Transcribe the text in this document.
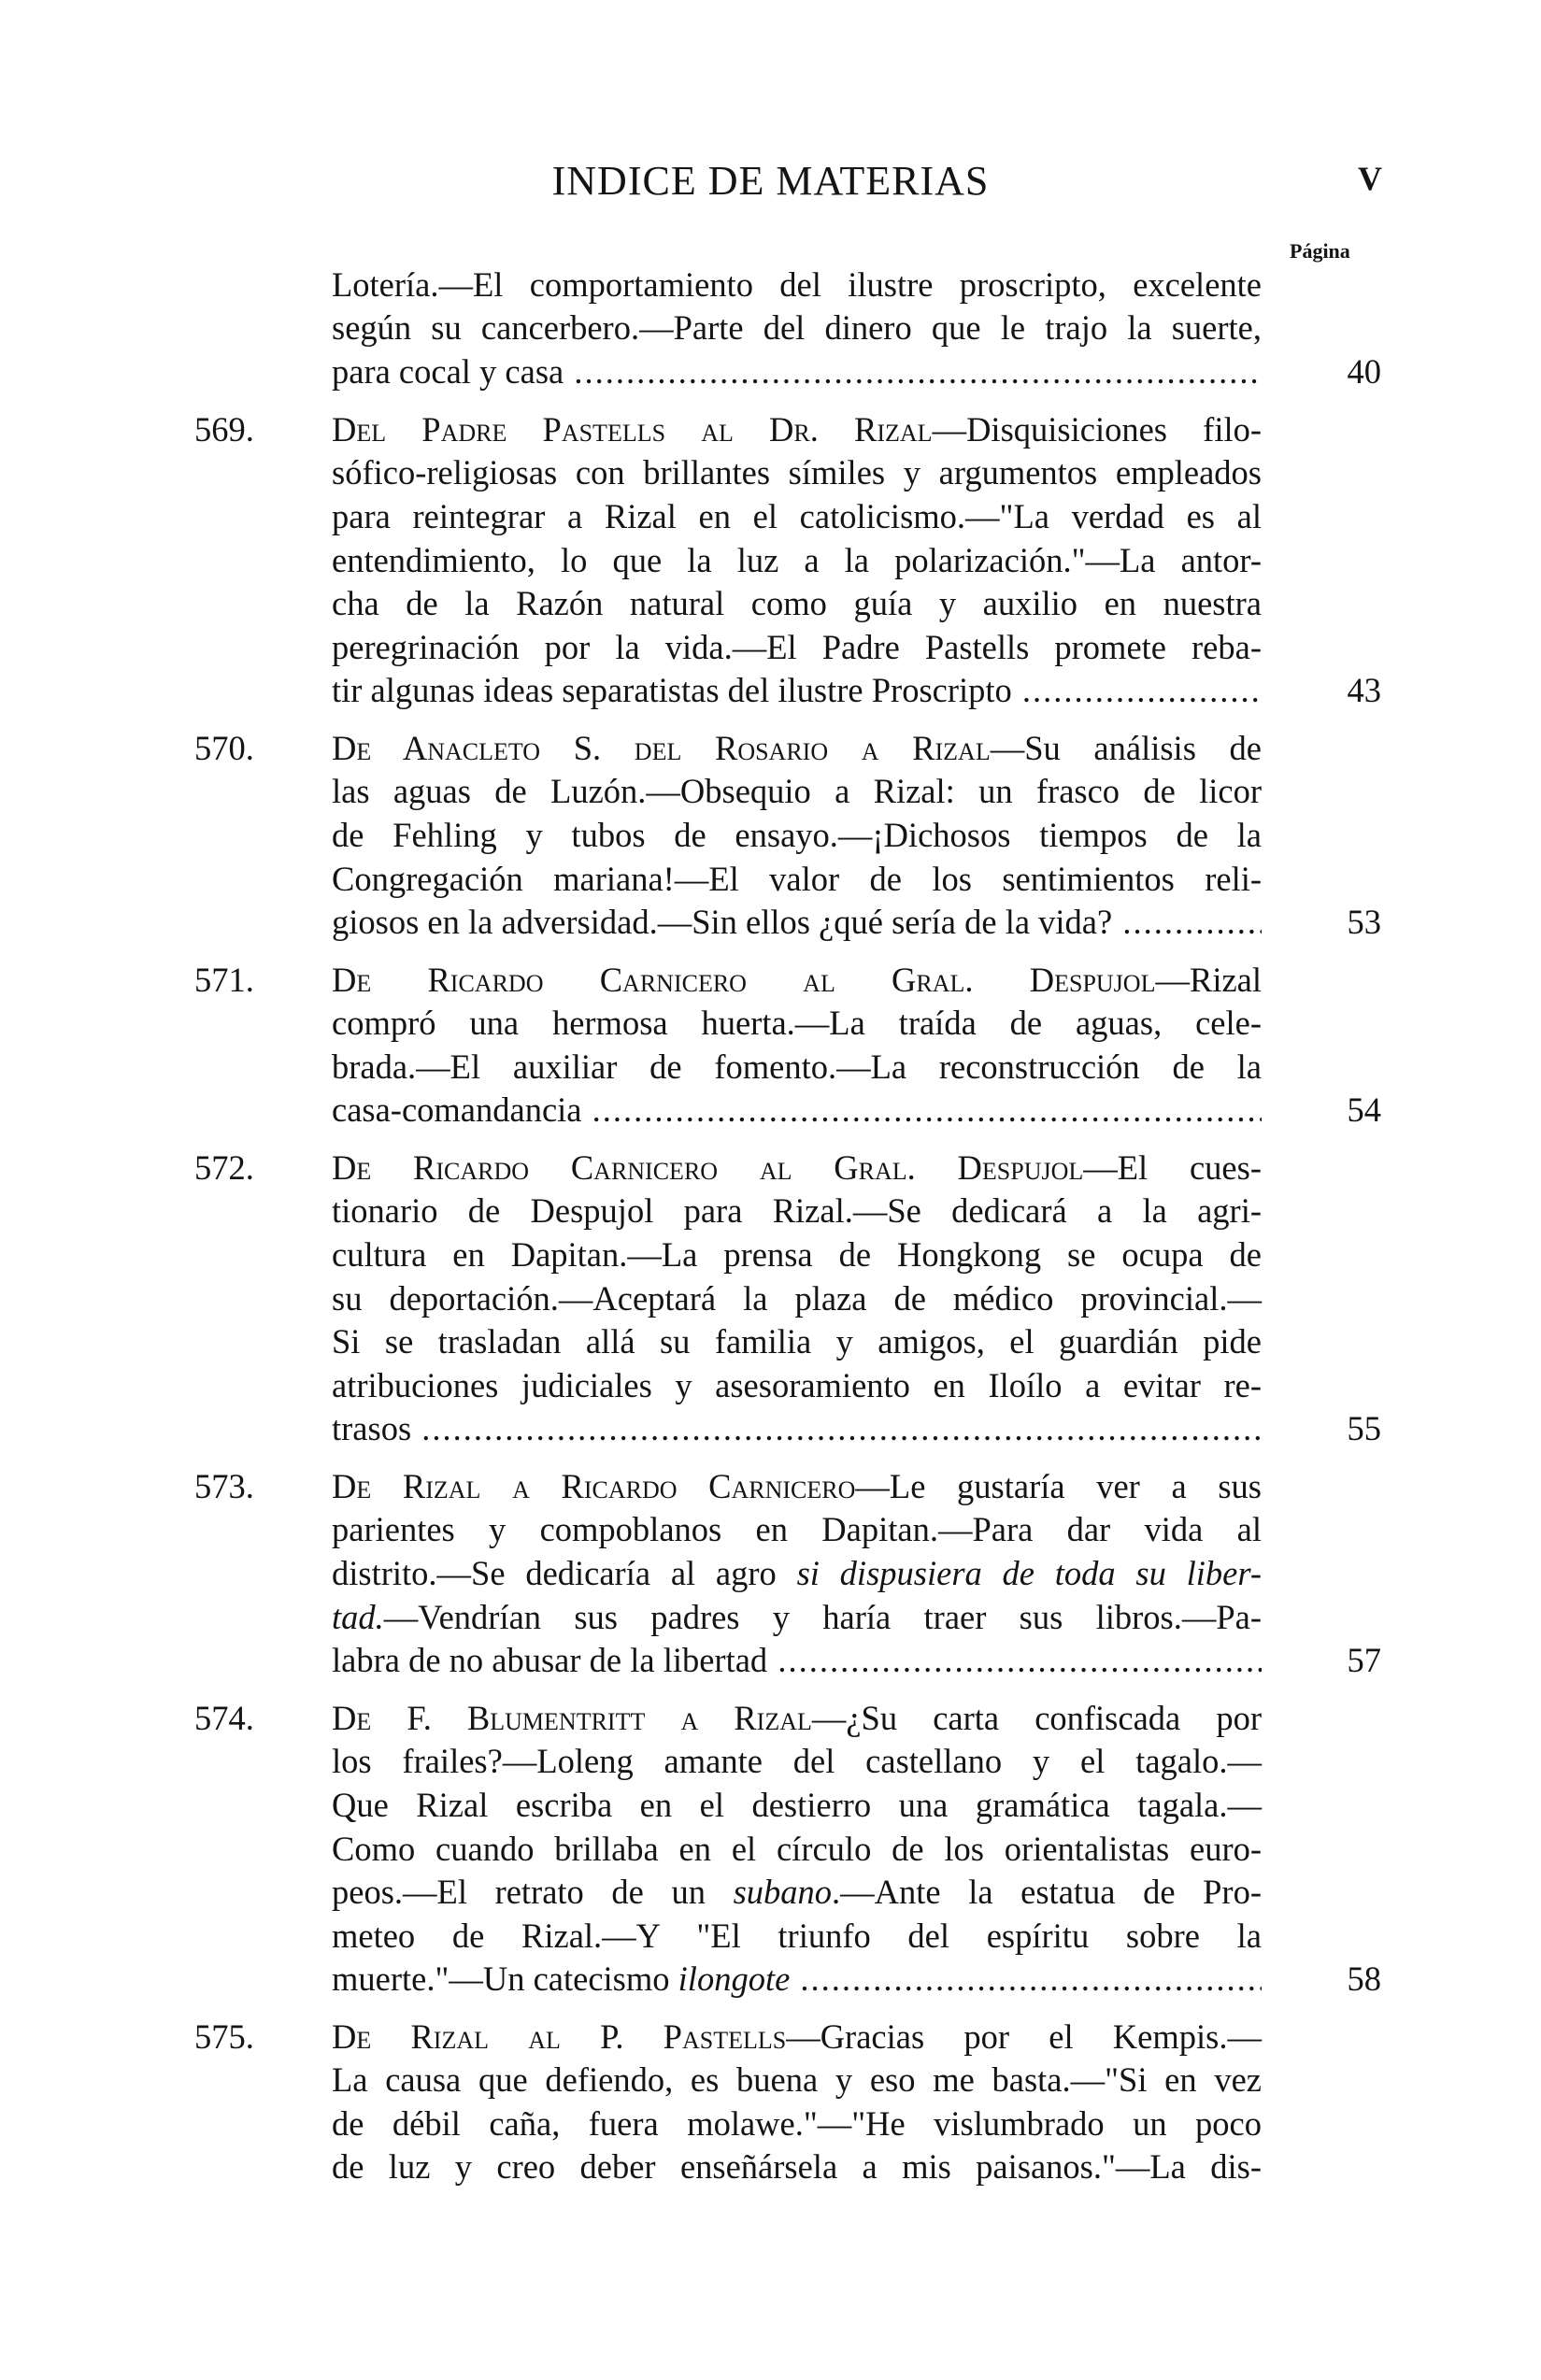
INDICE DE MATERIAS	V
Página
Lotería.—El comportamiento del ilustre proscripto, excelente
según su cancerbero.—Parte del dinero que le trajo la suerte,
para cocal y casa .....	40
569. Del Padre Pastells al Dr. Rizal—Disquisiciones filo-
sófico-religiosas con brillantes símiles y argumentos empleados
para reintegrar a Rizal en el catolicismo.—"La verdad es al
entendimiento, lo que la luz a la polarización."—La antor-
cha de la Razón natural como guía y auxilio en nuestra
peregrinación por la vida.—El Padre Pastells promete reba-
tir algunas ideas separatistas del ilustre Proscripto .....	43
570. De Anacleto S. del Rosario a Rizal—Su análisis de
las aguas de Luzón.—Obsequio a Rizal: un frasco de licor
de Fehling y tubos de ensayo.—¡Dichosos tiempos de la
Congregación mariana!—El valor de los sentimientos reli-
giosos en la adversidad.—Sin ellos ¿qué sería de la vida? .....	53
571. De Ricardo Carnicero al Gral. Despujol—Rizal
compró una hermosa huerta.—La traída de aguas, cele-
brada.—El auxiliar de fomento.—La reconstrucción de la
casa-comandancia .....	54
572. De Ricardo Carnicero al Gral. Despujol—El cues-
tionario de Despujol para Rizal.—Se dedicará a la agri-
cultura en Dapitan.—La prensa de Hongkong se ocupa de
su deportación.—Aceptará la plaza de médico provincial.—
Si se trasladan allá su familia y amigos, el guardián pide
atribuciones judiciales y asesoramiento en Iloílo a evitar re-
trasos .....	55
573. De Rizal a Ricardo Carnicero—Le gustaría ver a sus
parientes y compoblanos en Dapitan.—Para dar vida al
distrito.—Se dedicaría al agro si dispusiera de toda su liber-
tad.—Vendrían sus padres y haría traer sus libros.—Pa-
labra de no abusar de la libertad .....	57
574. De F. Blumentritt a Rizal—¿Su carta confiscada por
los frailes?—Loleng amante del castellano y el tagalo.—
Que Rizal escriba en el destierro una gramática tagala.—
Como cuando brillaba en el círculo de los orientalistas euro-
peos.—El retrato de un subano.—Ante la estatua de Pro-
meteo de Rizal.—Y "El triunfo del espíritu sobre la
muerte."—Un catecismo ilongote .....	58
575. De Rizal al P. Pastells—Gracias por el Kempis.—
La causa que defiendo, es buena y eso me basta.—"Si en vez
de débil caña, fuera molawe."—"He vislumbrado un poco
de luz y creo deber enseñársela a mis paisanos."—La dis-
